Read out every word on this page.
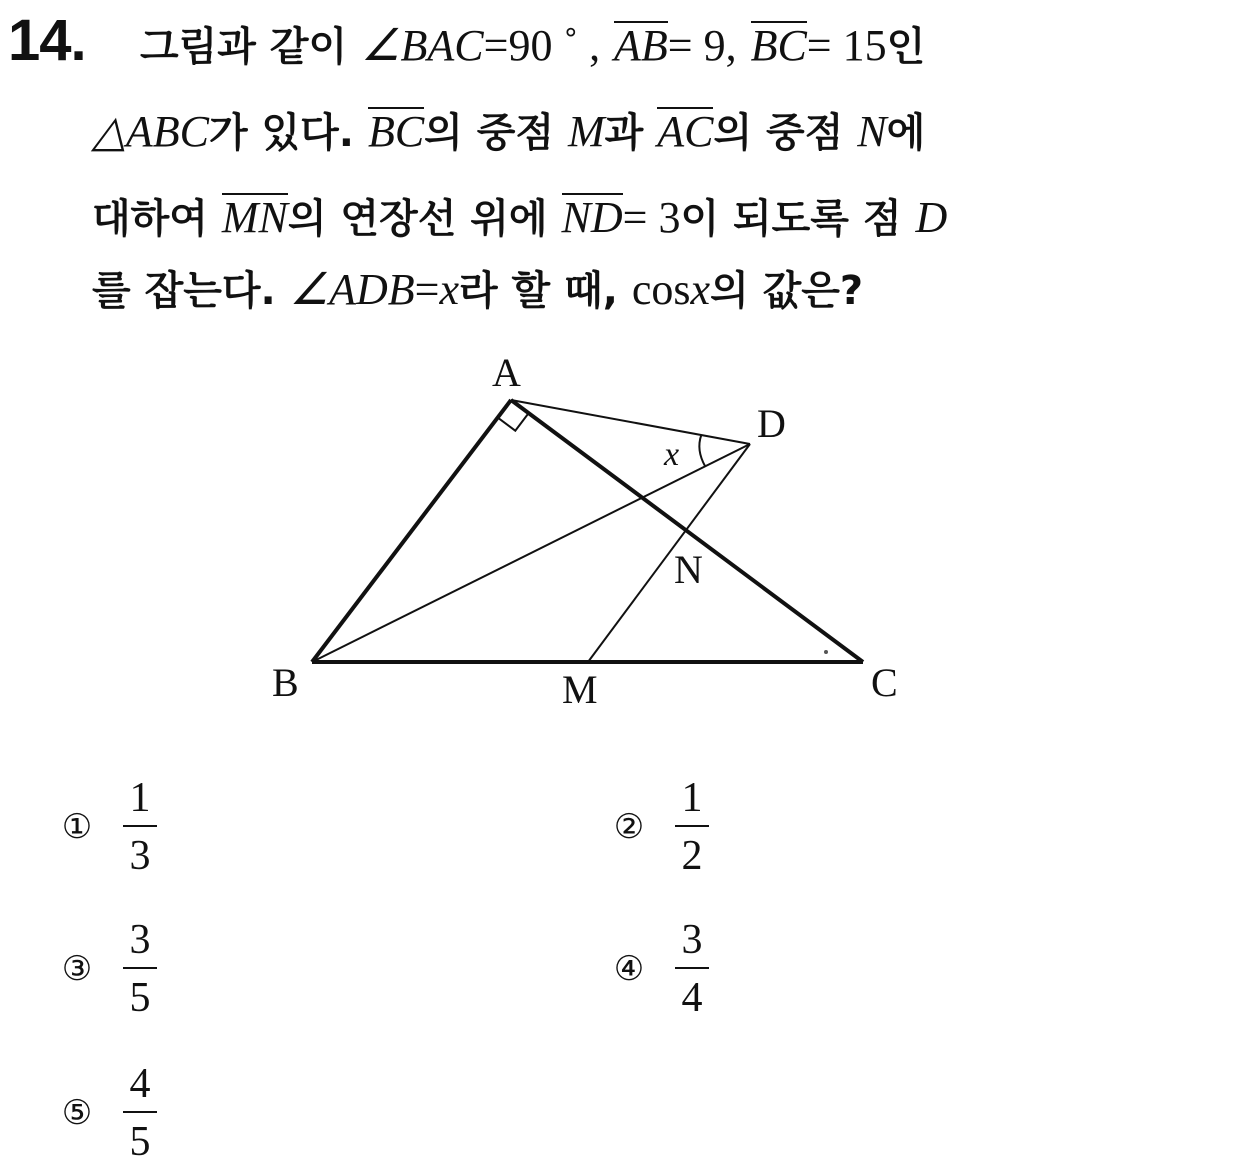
14. 그림과 같이 ∠BAC=90 ˚ , AB= 9, BC= 15인
△ABC가 있다. BC의 중점 M과 AC의 중점 N에
대하여 MN의 연장선 위에 ND= 3이 되도록 점 D
를 잡는다. ∠ADB=x라 할 때, cosx의 값은?
A
D
B	M	C
N
x
① $\frac{1}{3}$	② $\frac{1}{2}$
③ $\frac{3}{5}$	④ $\frac{3}{4}$
⑤ $\frac{4}{5}$
